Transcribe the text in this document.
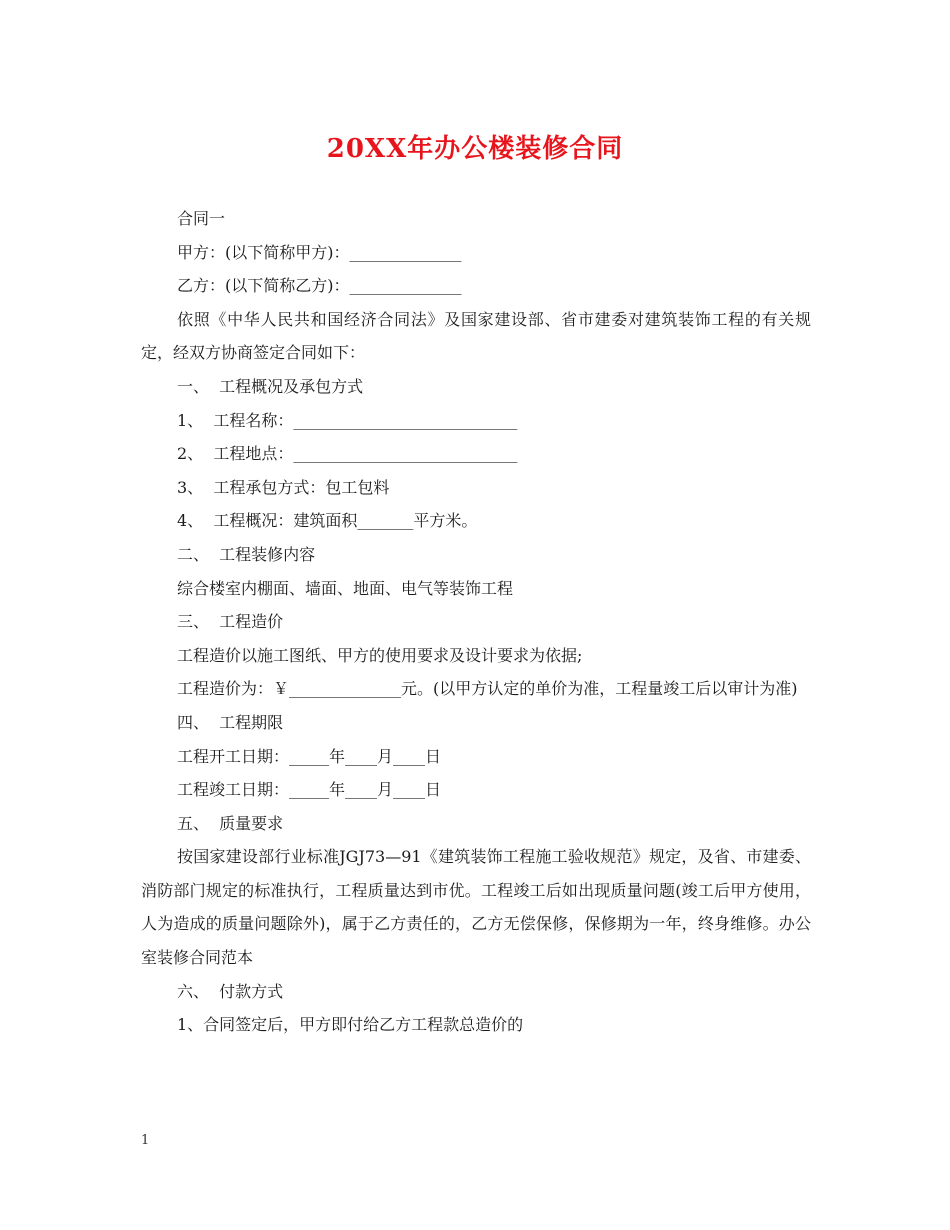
20XX年办公楼装修合同

合同一

甲方：(以下简称甲方)：______________

乙方：(以下简称乙方)：______________

依照《中华人民共和国经济合同法》及国家建设部、省市建委对建筑装饰工程的有关规定，经双方协商签定合同如下：

一、  工程概况及承包方式

1、  工程名称：____________________________

2、  工程地点：____________________________

3、  工程承包方式：包工包料

4、  工程概况：建筑面积_______平方米。

二、  工程装修内容

综合楼室内棚面、墙面、地面、电气等装饰工程

三、  工程造价

工程造价以施工图纸、甲方的使用要求及设计要求为依据;

工程造价为：￥______________元。(以甲方认定的单价为准，工程量竣工后以审计为准)

四、  工程期限

工程开工日期：_____年____月____日

工程竣工日期：_____年____月____日

五、  质量要求

按国家建设部行业标准JGJ73—91《建筑装饰工程施工验收规范》规定，及省、市建委、消防部门规定的标准执行，工程质量达到市优。工程竣工后如出现质量问题(竣工后甲方使用，人为造成的质量问题除外)，属于乙方责任的，乙方无偿保修，保修期为一年，终身维修。办公室装修合同范本

六、  付款方式

1、合同签定后，甲方即付给乙方工程款总造价的

1
